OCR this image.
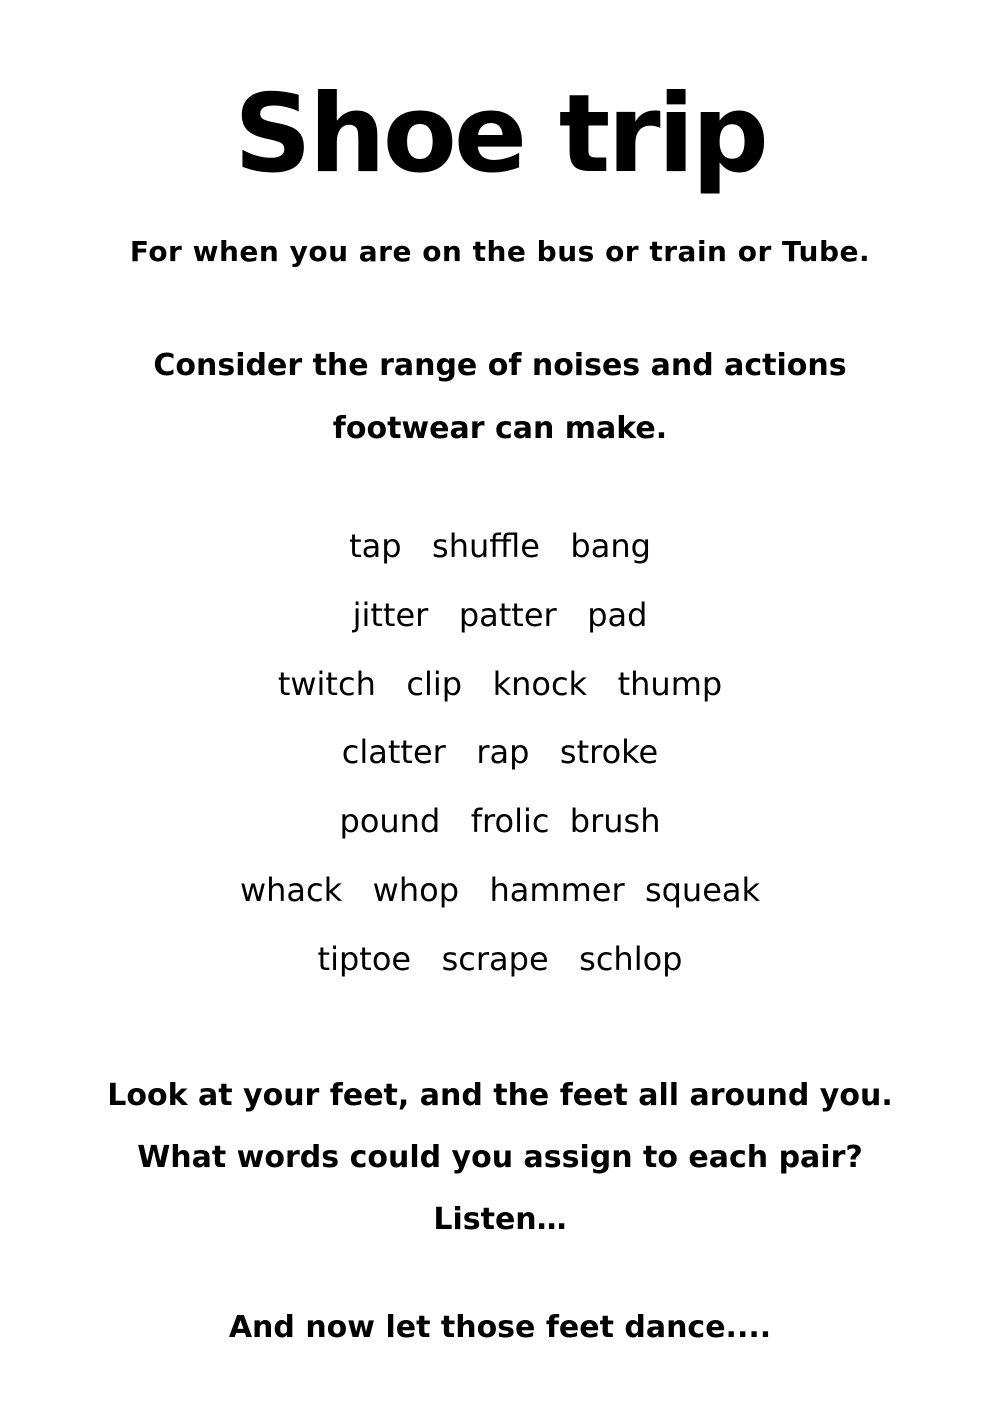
Shoe trip
For when you are on the bus or train or Tube.
Consider the range of noises and actions
footwear can make.
tap   shuffle   bang
jitter   patter   pad
twitch   clip   knock   thump
clatter   rap   stroke
pound   frolic  brush
whack   whop   hammer  squeak
tiptoe   scrape   schlop
Look at your feet, and the feet all around you.
What words could you assign to each pair?
Listen…
And now let those feet dance....
